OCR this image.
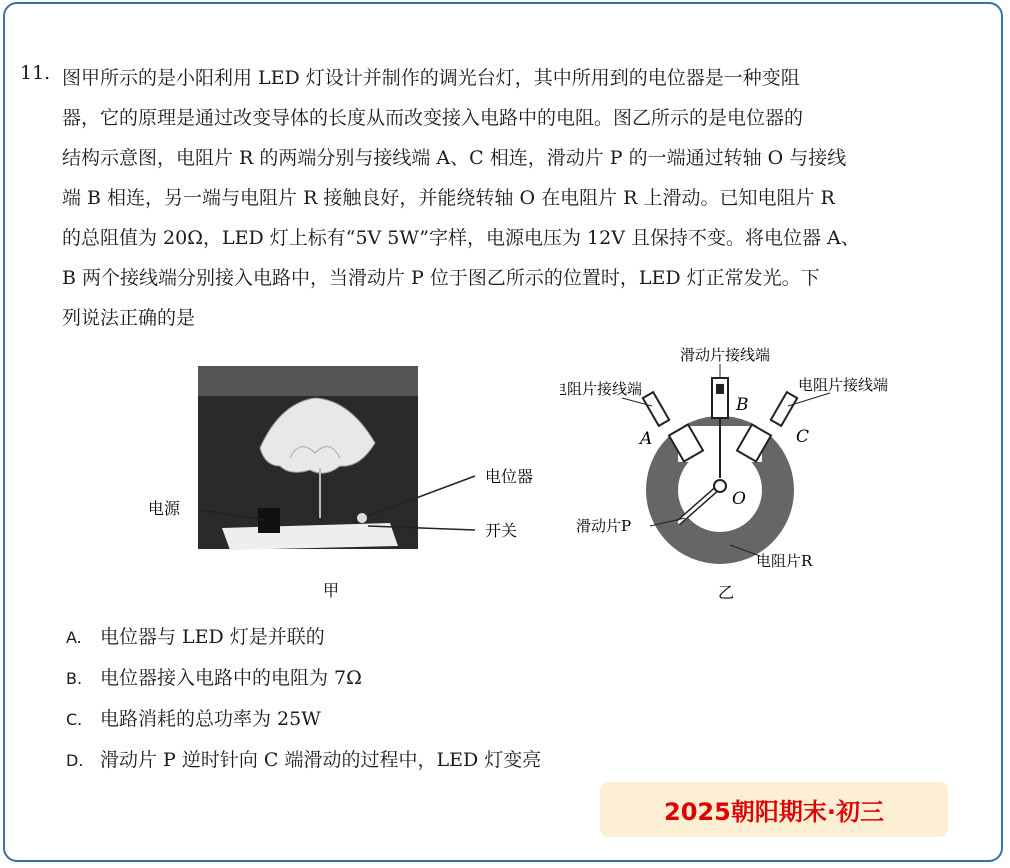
11. 图甲所示的是小阳利用 LED 灯设计并制作的调光台灯，其中所用到的电位器是一种变阻
器，它的原理是通过改变导体的长度从而改变接入电路中的电阻。图乙所示的是电位器的
结构示意图，电阻片 R 的两端分别与接线端 A、C 相连，滑动片 P 的一端通过转轴 O 与接线
端 B 相连，另一端与电阻片 R 接触良好，并能绕转轴 O 在电阻片 R 上滑动。已知电阻片 R
的总阻值为 20Ω，LED 灯上标有“5V 5W”字样，电源电压为 12V 且保持不变。将电位器 A、
B 两个接线端分别接入电路中，当滑动片 P 位于图乙所示的位置时，LED 灯正常发光。下
列说法正确的是
电源
电位器
开关
甲
滑动片接线端
电阻片接线端	电阻片接线端
B
A	C
O
滑动片P
电阻片R
乙
A. 电位器与 LED 灯是并联的
B. 电位器接入电路中的电阻为 7Ω
C. 电路消耗的总功率为 25W
D. 滑动片 P 逆时针向 C 端滑动的过程中，LED 灯变亮
2025朝阳期末·初三
